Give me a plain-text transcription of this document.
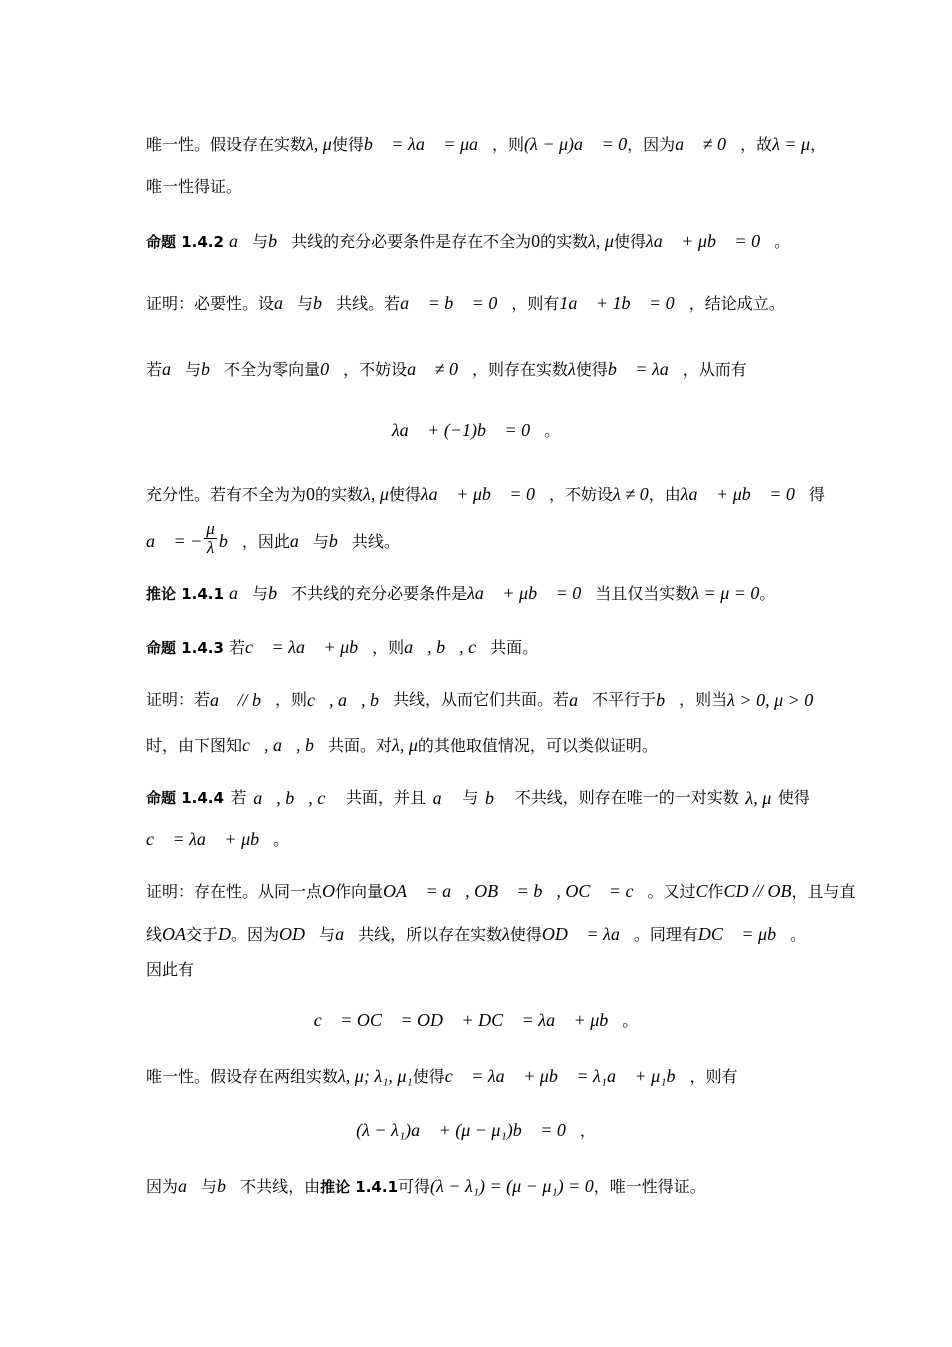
唯一性。假设存在实数λ, μ使得b⃗ = λa⃗ = μa⃗，则(λ − μ)a⃗ = 0，因为a⃗ ≠ 0⃗，故λ = μ，
唯一性得证。
命题 1.4.2 a⃗与b⃗共线的充分必要条件是存在不全为0的实数λ, μ使得λa⃗ + μb⃗ = 0⃗。
证明：必要性。设a⃗与b⃗共线。若a⃗ = b⃗ = 0⃗，则有1a⃗ + 1b⃗ = 0⃗，结论成立。
若a⃗与b⃗不全为零向量0⃗，不妨设a⃗ ≠ 0⃗，则存在实数λ使得b⃗ = λa⃗，从而有
λa⃗ + (−1)b⃗ = 0⃗。
充分性。若有不全为为0的实数λ, μ使得λa⃗ + μb⃗ = 0⃗，不妨设λ ≠ 0，由λa⃗ + μb⃗ = 0⃗得
a⃗ = − $\frac{\mu}{\lambda}$ b⃗，因此a⃗与b⃗共线。
推论 1.4.1 a⃗与b⃗不共线的充分必要条件是λa⃗ + μb⃗ = 0⃗当且仅当实数λ = μ = 0。
命题 1.4.3 若c⃗ = λa⃗ + μb⃗，则a⃗, b⃗, c⃗共面。
证明：若 a⃗ // b⃗ ，则 c⃗, a⃗, b⃗ 共线，从而它们共面。若 a⃗ 不平行于 b⃗ ，则当 λ > 0, μ > 0
时，由下图知c⃗, a⃗, b⃗共面。对λ, μ的其他取值情况，可以类似证明。
命题 1.4.4 若 a⃗, b⃗, c⃗ 共面，并且 a⃗ 与 b⃗ 不共线，则存在唯一的一对实数 λ, μ 使得
c⃗ = λa⃗ + μb⃗。
证明：存在性。从同一点O作向量OA⃗ = a⃗, OB⃗ = b⃗, OC⃗ = c⃗。又过C作CD // OB，且与直
线OA交于D。因为OD⃗与a⃗共线，所以存在实数λ使得OD⃗ = λa⃗。同理有DC⃗ = μb⃗。
因此有
c⃗ = OC⃗ = OD⃗ + DC⃗ = λa⃗ + μb⃗。
唯一性。假设存在两组实数λ, μ; λ₁, μ₁使得c⃗ = λa⃗ + μb⃗ = λ₁a⃗ + μ₁b⃗，则有
(λ − λ₁)a⃗ + (μ − μ₁)b⃗ = 0⃗，
因为a⃗与b⃗不共线，由推论 1.4.1可得(λ − λ₁) = (μ − μ₁) = 0，唯一性得证。
